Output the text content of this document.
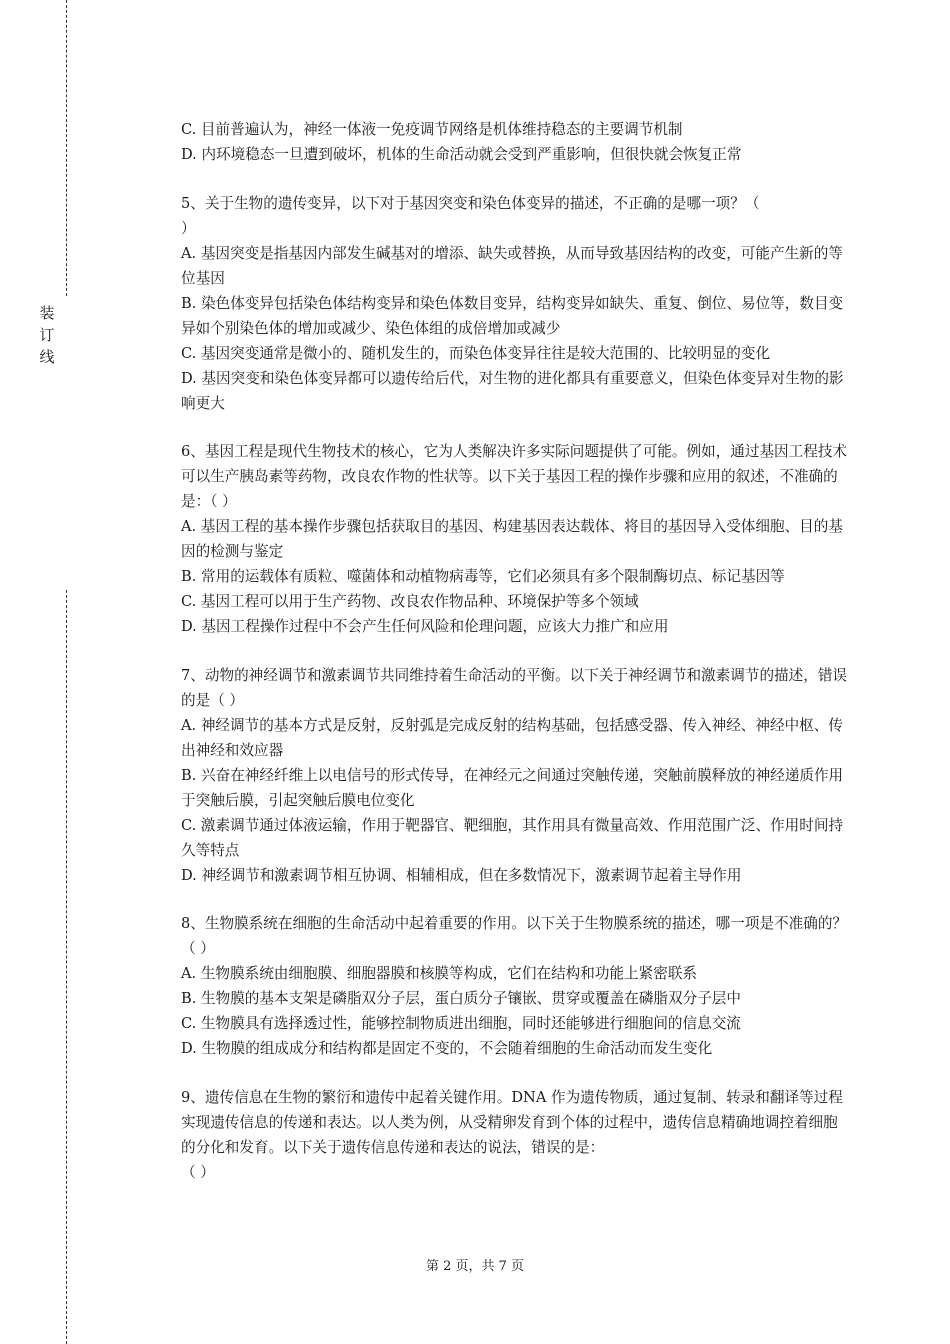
装
订
线
C. 目前普遍认为，神经一体液一免疫调节网络是机体维持稳态的主要调节机制
D. 内环境稳态一旦遭到破坏，机体的生命活动就会受到严重影响，但很快就会恢复正常
5、关于生物的遗传变异，以下对于基因突变和染色体变异的描述，不正确的是哪一项？（
）
A. 基因突变是指基因内部发生碱基对的增添、缺失或替换，从而导致基因结构的改变，可能产生新的等位基因
B. 染色体变异包括染色体结构变异和染色体数目变异，结构变异如缺失、重复、倒位、易位等，数目变异如个别染色体的增加或减少、染色体组的成倍增加或减少
C. 基因突变通常是微小的、随机发生的，而染色体变异往往是较大范围的、比较明显的变化
D. 基因突变和染色体变异都可以遗传给后代，对生物的进化都具有重要意义，但染色体变异对生物的影响更大
6、基因工程是现代生物技术的核心，它为人类解决许多实际问题提供了可能。例如，通过基因工程技术可以生产胰岛素等药物，改良农作物的性状等。以下关于基因工程的操作步骤和应用的叙述，不准确的是：（ ）
A. 基因工程的基本操作步骤包括获取目的基因、构建基因表达载体、将目的基因导入受体细胞、目的基因的检测与鉴定
B. 常用的运载体有质粒、噬菌体和动植物病毒等，它们必须具有多个限制酶切点、标记基因等
C. 基因工程可以用于生产药物、改良农作物品种、环境保护等多个领域
D. 基因工程操作过程中不会产生任何风险和伦理问题，应该大力推广和应用
7、动物的神经调节和激素调节共同维持着生命活动的平衡。以下关于神经调节和激素调节的描述，错误的是（ ）
A. 神经调节的基本方式是反射，反射弧是完成反射的结构基础，包括感受器、传入神经、神经中枢、传出神经和效应器
B. 兴奋在神经纤维上以电信号的形式传导，在神经元之间通过突触传递，突触前膜释放的神经递质作用于突触后膜，引起突触后膜电位变化
C. 激素调节通过体液运输，作用于靶器官、靶细胞，其作用具有微量高效、作用范围广泛、作用时间持久等特点
D. 神经调节和激素调节相互协调、相辅相成，但在多数情况下，激素调节起着主导作用
8、生物膜系统在细胞的生命活动中起着重要的作用。以下关于生物膜系统的描述，哪一项是不准确的？（ ）
A. 生物膜系统由细胞膜、细胞器膜和核膜等构成，它们在结构和功能上紧密联系
B. 生物膜的基本支架是磷脂双分子层，蛋白质分子镶嵌、贯穿或覆盖在磷脂双分子层中
C. 生物膜具有选择透过性，能够控制物质进出细胞，同时还能够进行细胞间的信息交流
D. 生物膜的组成成分和结构都是固定不变的，不会随着细胞的生命活动而发生变化
9、遗传信息在生物的繁衍和遗传中起着关键作用。DNA 作为遗传物质，通过复制、转录和翻译等过程实现遗传信息的传递和表达。以人类为例，从受精卵发育到个体的过程中，遗传信息精确地调控着细胞的分化和发育。以下关于遗传信息传递和表达的说法，错误的是：
（ ）
第 2 页，共 7 页
